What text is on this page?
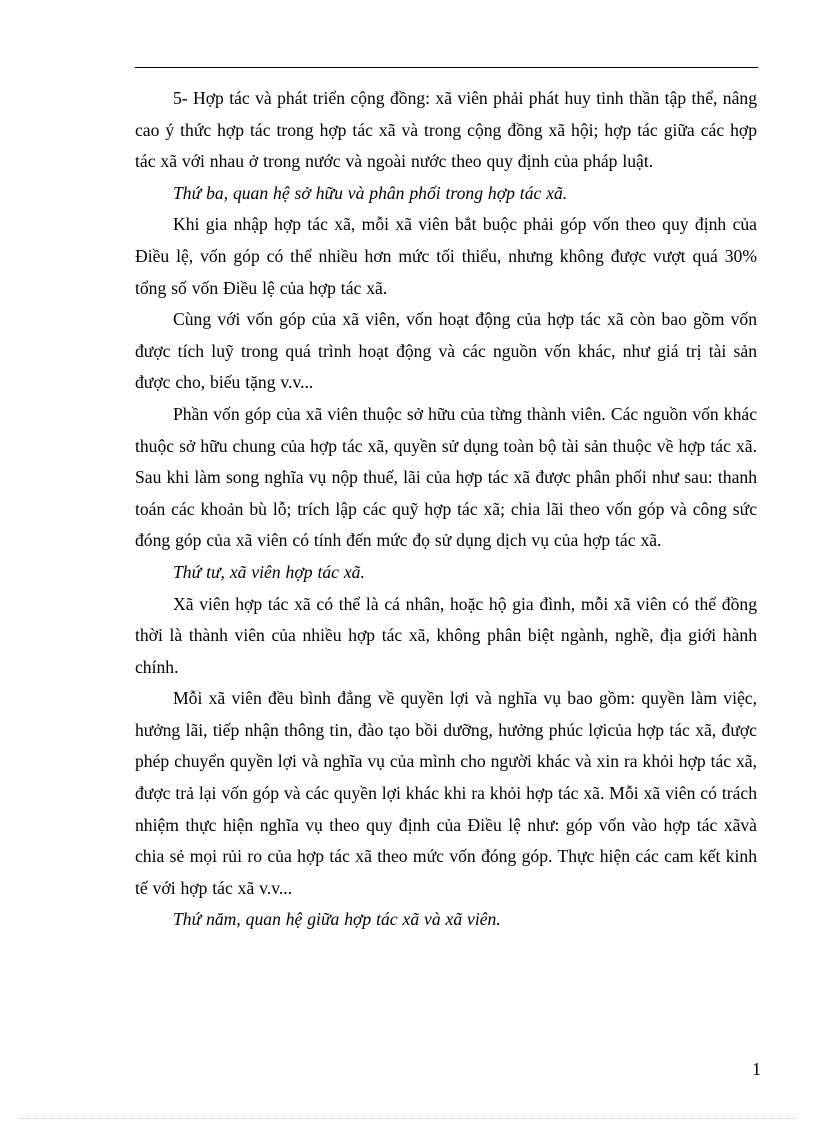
5- Hợp tác và phát triển cộng đồng: xã viên phải phát huy tinh thần tập thể, nâng cao ý thức hợp tác trong hợp tác xã và trong cộng đồng xã hội; hợp tác giữa các hợp tác xã với nhau ở trong nước và ngoài nước theo quy định của pháp luật.

Thứ ba, quan hệ sở hữu và phân phối trong hợp tác xã.

Khi gia nhập hợp tác xã, mỗi xã viên bắt buộc phải góp vốn theo quy định của Điều lệ, vốn góp có thể nhiều hơn mức tối thiểu, nhưng không được vượt quá 30% tổng số vốn Điều lệ của hợp tác xã.

Cùng với vốn góp của xã viên, vốn hoạt động của hợp tác xã còn bao gồm vốn được tích luỹ trong quá trình hoạt động và các nguồn vốn khác, như giá trị tài sản được cho, biếu tặng v.v...

Phần vốn góp của xã viên thuộc sở hữu của từng thành viên. Các nguồn vốn khác thuộc sở hữu chung của hợp tác xã, quyền sử dụng toàn bộ tài sản thuộc về hợp tác xã. Sau khi làm song nghĩa vụ nộp thuế, lãi của hợp tác xã được phân phối như sau: thanh toán các khoản bù lỗ; trích lập các quỹ hợp tác xã; chia lãi theo vốn góp và công sức đóng góp của xã viên có tính đến mức đọ sử dụng dịch vụ của hợp tác xã.

Thứ tư, xã viên hợp tác xã.

Xã viên hợp tác xã có thể là cá nhân, hoặc hộ gia đình, mỗi xã viên có thể đồng thời là thành viên của nhiều hợp tác xã, không phân biệt ngành, nghề, địa giới hành chính.

Mỗi xã viên đều bình đẳng về quyền lợi và nghĩa vụ bao gồm: quyền làm việc, hưởng lãi, tiếp nhận thông tin, đào tạo bồi dưỡng, hưởng phúc lợicủa hợp tác xã, được phép chuyển quyền lợi và nghĩa vụ của mình cho người khác và xin ra khỏi hợp tác xã, được trả lại vốn góp và các quyền lợi khác khi ra khỏi hợp tác xã. Mỗi xã viên có trách nhiệm thực hiện nghĩa vụ theo quy định của Điều lệ như: góp vốn vào hợp tác xãvà chia sẻ mọi rủi ro của hợp tác xã theo mức vốn đóng góp. Thực hiện các cam kết kinh tế với hợp tác xã v.v...

Thứ năm, quan hệ giữa hợp tác xã và xã viên.

1
